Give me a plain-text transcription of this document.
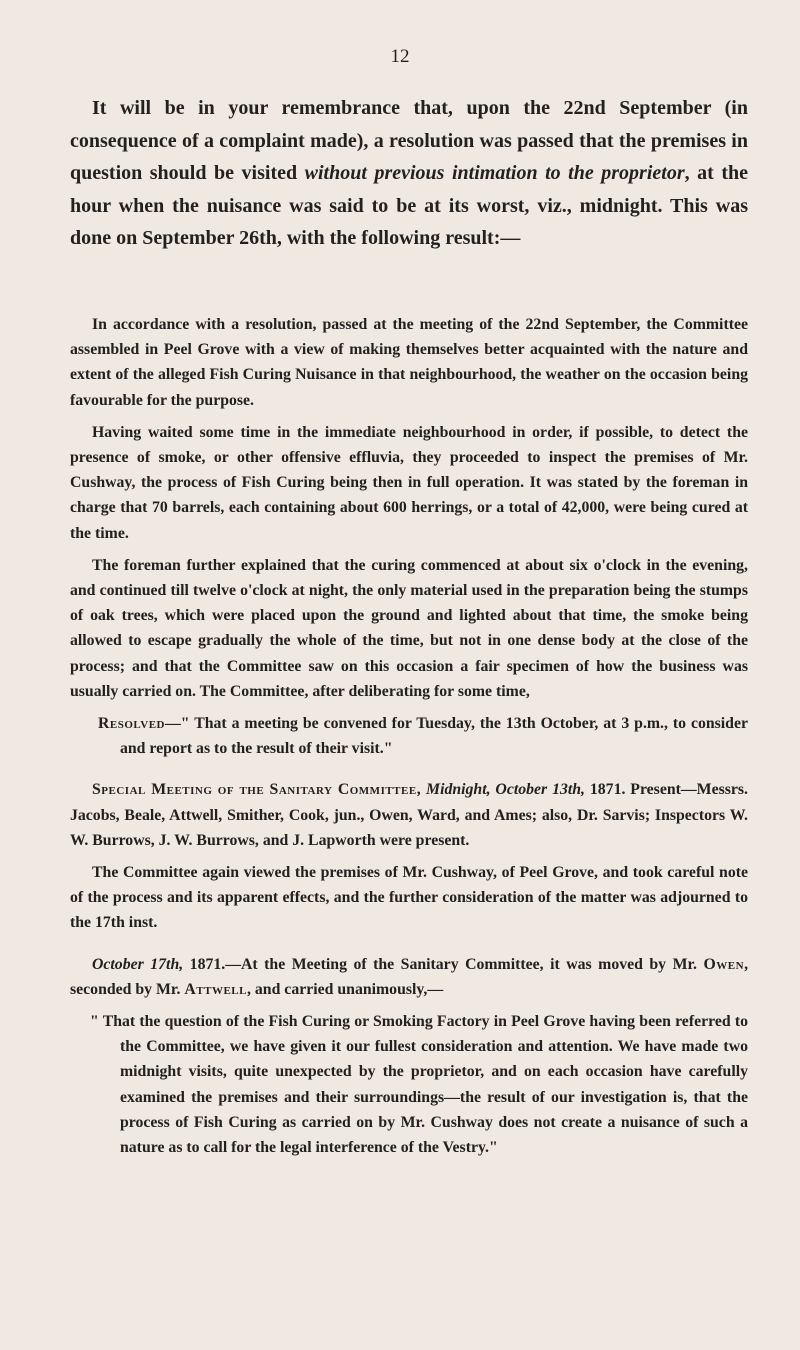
12

It will be in your remembrance that, upon the 22nd September (in consequence of a complaint made), a resolution was passed that the premises in question should be visited without previous intimation to the proprietor, at the hour when the nuisance was said to be at its worst, viz., midnight. This was done on September 26th, with the following result:—

In accordance with a resolution, passed at the meeting of the 22nd September, the Committee assembled in Peel Grove with a view of making themselves better acquainted with the nature and extent of the alleged Fish Curing Nuisance in that neighbourhood, the weather on the occasion being favourable for the purpose.

Having waited some time in the immediate neighbourhood in order, if possible, to detect the presence of smoke, or other offensive effluvia, they proceeded to inspect the premises of Mr. Cushway, the process of Fish Curing being then in full operation. It was stated by the foreman in charge that 70 barrels, each containing about 600 herrings, or a total of 42,000, were being cured at the time.

The foreman further explained that the curing commenced at about six o'clock in the evening, and continued till twelve o'clock at night, the only material used in the preparation being the stumps of oak trees, which were placed upon the ground and lighted about that time, the smoke being allowed to escape gradually the whole of the time, but not in one dense body at the close of the process; and that the Committee saw on this occasion a fair specimen of how the business was usually carried on. The Committee, after deliberating for some time,

Resolved—" That a meeting be convened for Tuesday, the 13th October, at 3 p.m., to consider and report as to the result of their visit."

Special Meeting of the Sanitary Committee, Midnight, October 13th, 1871. Present—Messrs. Jacobs, Beale, Attwell, Smither, Cook, jun., Owen, Ward, and Ames; also, Dr. Sarvis; Inspectors W. W. Burrows, J. W. Burrows, and J. Lapworth were present.

The Committee again viewed the premises of Mr. Cushway, of Peel Grove, and took careful note of the process and its apparent effects, and the further consideration of the matter was adjourned to the 17th inst.

October 17th, 1871.—At the Meeting of the Sanitary Committee, it was moved by Mr. Owen, seconded by Mr. Attwell, and carried unanimously,—

" That the question of the Fish Curing or Smoking Factory in Peel Grove having been referred to the Committee, we have given it our fullest consideration and attention. We have made two midnight visits, quite unexpected by the proprietor, and on each occasion have carefully examined the premises and their surroundings—the result of our investigation is, that the process of Fish Curing as carried on by Mr. Cushway does not create a nuisance of such a nature as to call for the legal interference of the Vestry."
